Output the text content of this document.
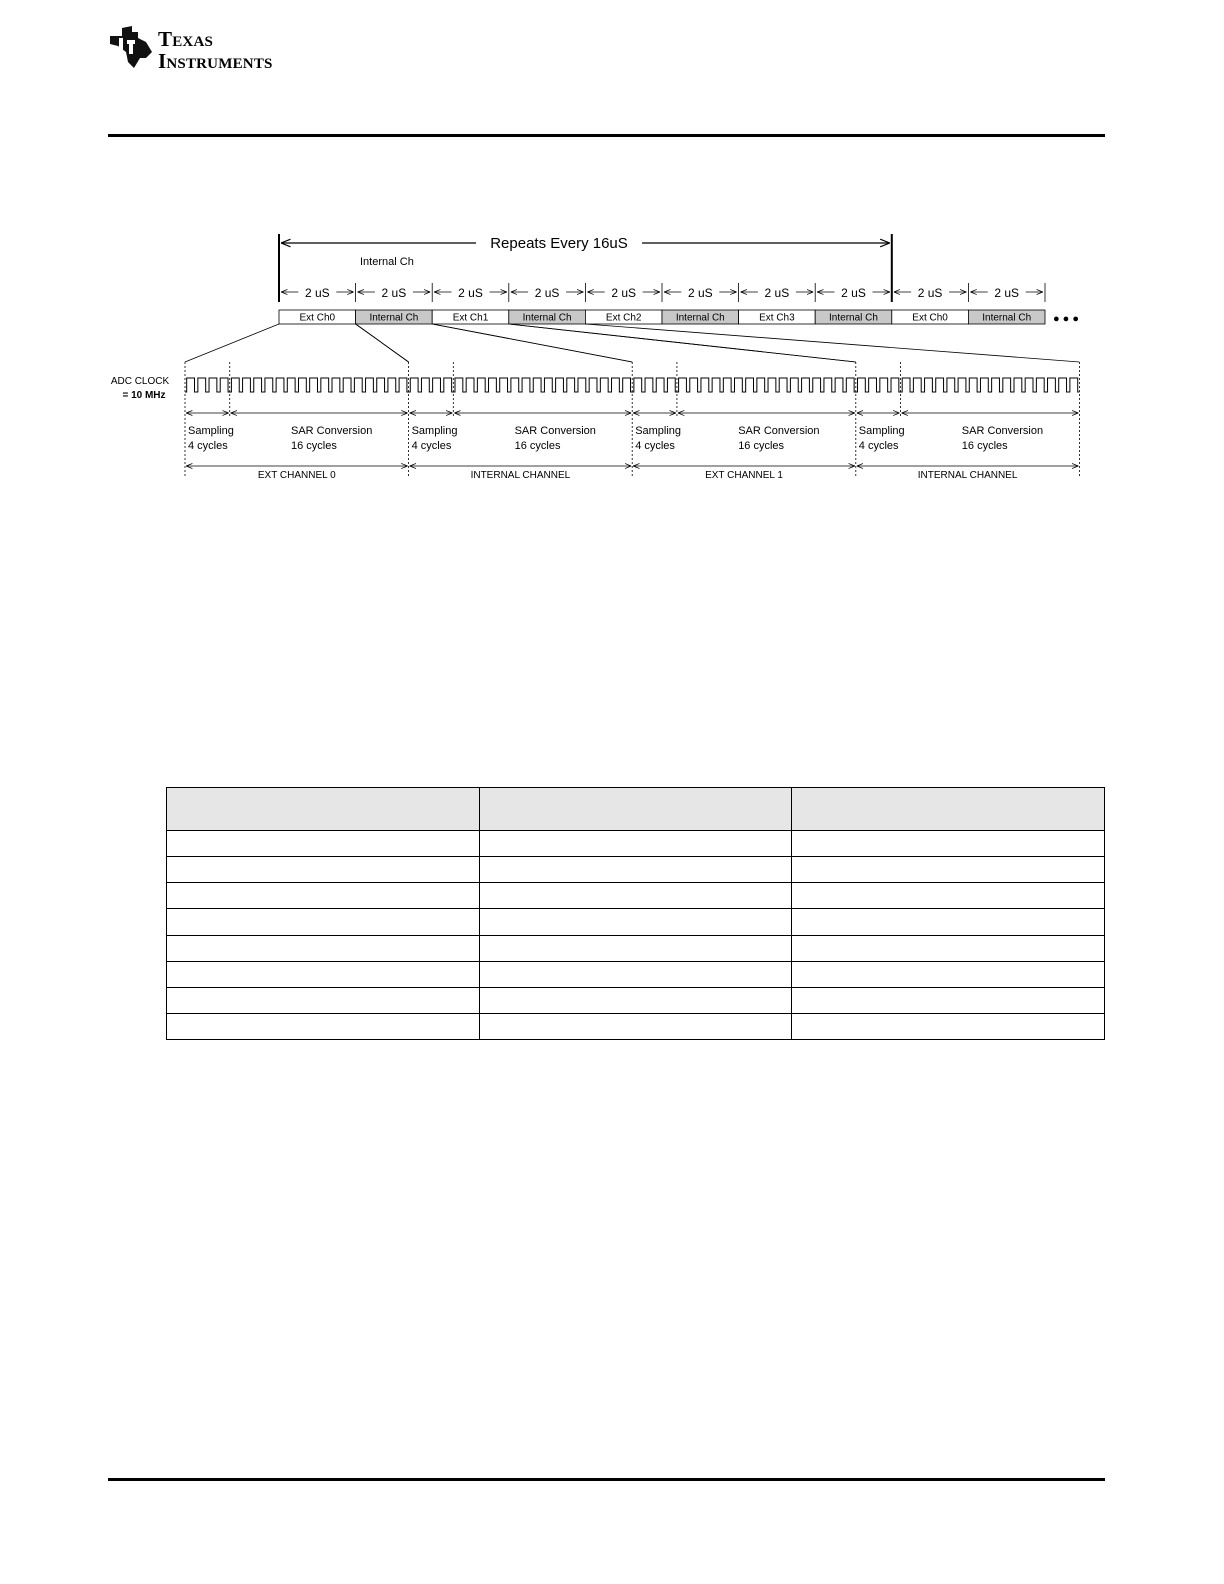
TEXAS
INSTRUMENTS
Repeats Every 16uS
Internal Ch
2 uS	2 uS	2 uS	2 uS	2 uS	2 uS	2 uS	2 uS	2 uS	2 uS
Ext Ch0	Internal Ch	Ext Ch1	Internal Ch	Ext Ch2	Internal Ch	Ext Ch3	Internal Ch	Ext Ch0	Internal Ch ● ● ●
ADC CLOCK
= 10 MHz
Sampling
4 cycles
SAR Conversion
16 cycles
EXT CHANNEL 0
Sampling
4 cycles
SAR Conversion
16 cycles
INTERNAL CHANNEL
Sampling
4 cycles
SAR Conversion
16 cycles
EXT CHANNEL 1
Sampling
4 cycles
SAR Conversion
16 cycles
INTERNAL CHANNEL
